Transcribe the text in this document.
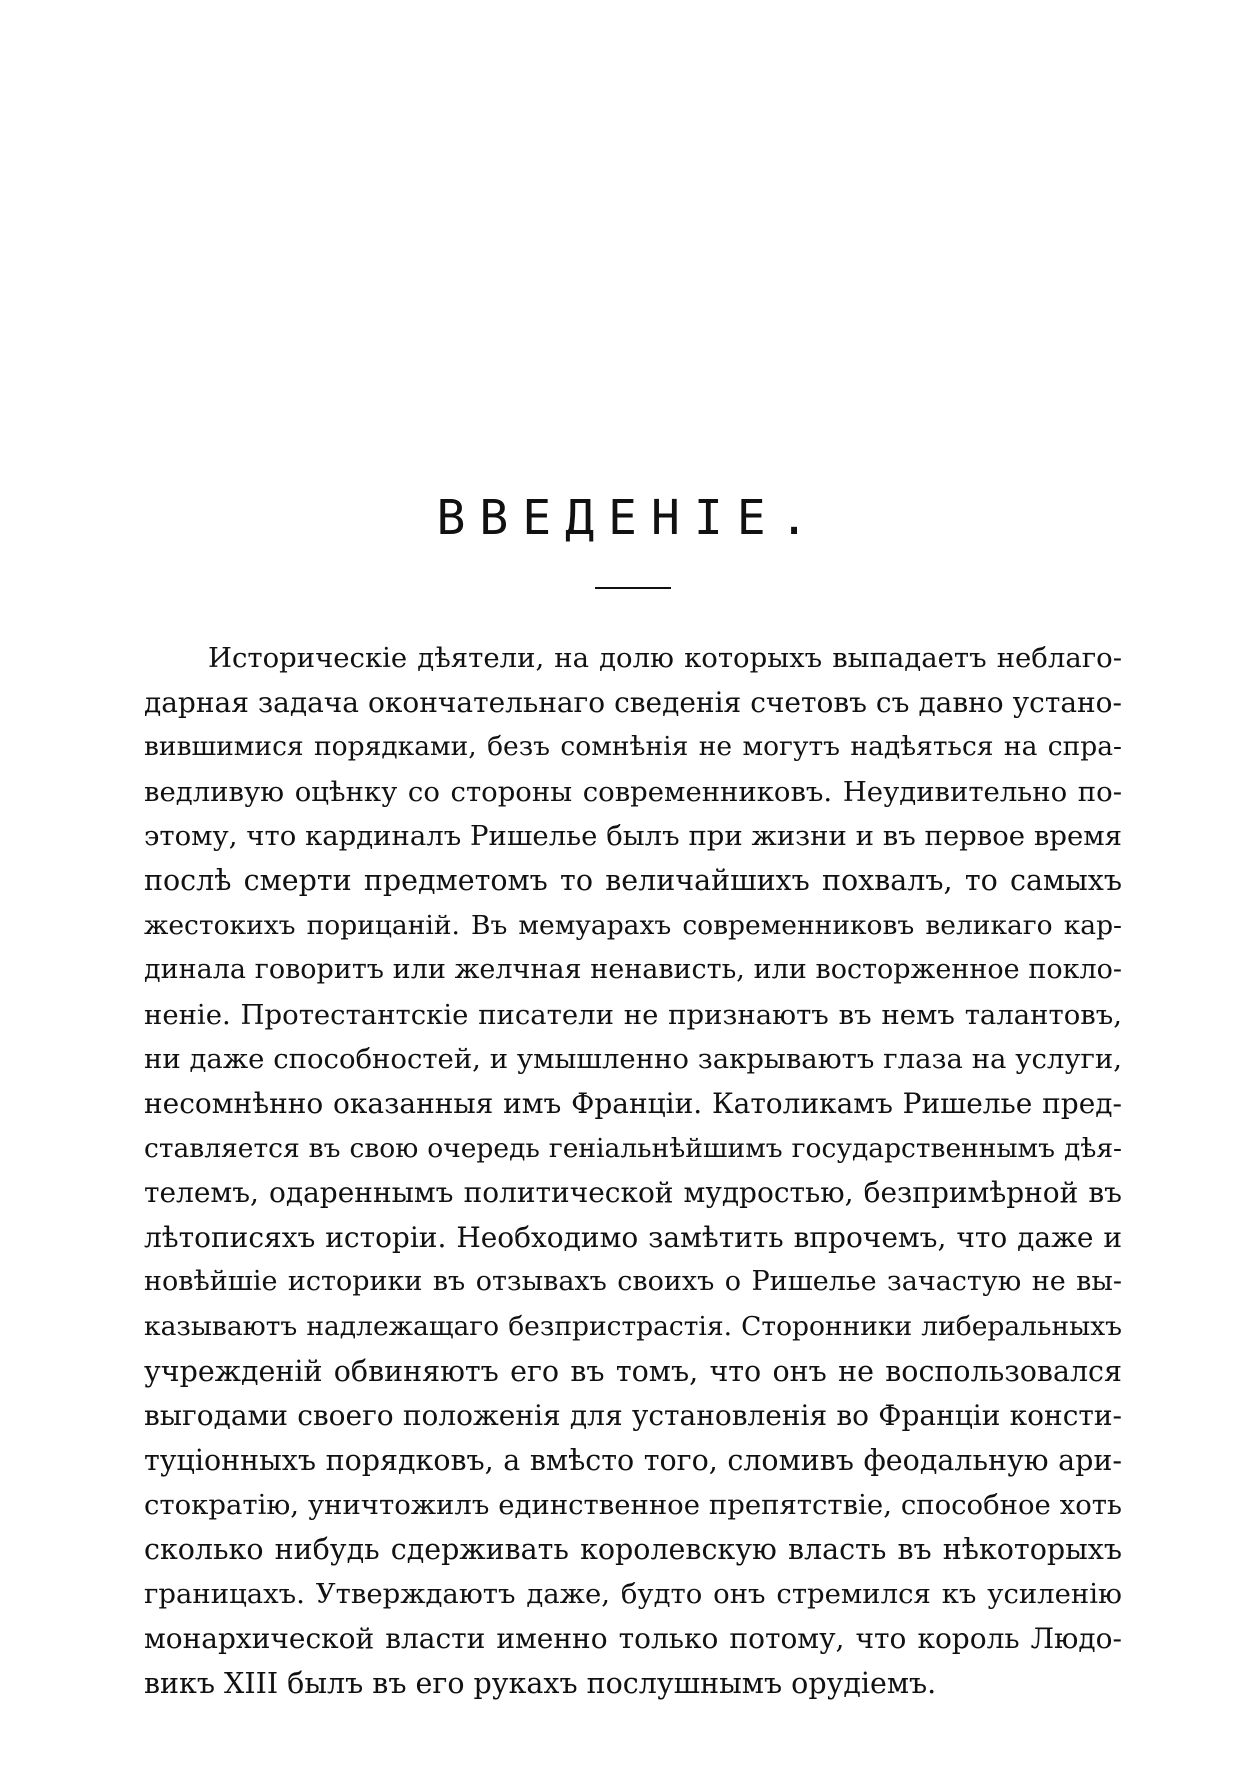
ВВЕДЕНІЕ.
Историческіе дѣятели, на долю которыхъ выпадаетъ неблаго-
дарная задача окончательнаго сведенія счетовъ съ давно устано-
вившимися порядками, безъ сомнѣнія не могутъ надѣяться на спра-
ведливую оцѣнку со стороны современниковъ. Неудивительно по-
этому, что кардиналъ Ришелье былъ при жизни и въ первое время
послѣ смерти предметомъ то величайшихъ похвалъ, то самыхъ
жестокихъ порицаній. Въ мемуарахъ современниковъ великаго кар-
динала говоритъ или желчная ненависть, или восторженное покло-
неніе. Протестантскіе писатели не признаютъ въ немъ талантовъ,
ни даже способностей, и умышленно закрываютъ глаза на услуги,
несомнѣнно оказанныя имъ Франціи. Католикамъ Ришелье пред-
ставляется въ свою очередь геніальнѣйшимъ государственнымъ дѣя-
телемъ, одареннымъ политической мудростью, безпримѣрной въ
лѣтописяхъ исторіи. Необходимо замѣтить впрочемъ, что даже и
новѣйшіе историки въ отзывахъ своихъ о Ришелье зачастую не вы-
казываютъ надлежащаго безпристрастія. Сторонники либеральныхъ
учрежденій обвиняютъ его въ томъ, что онъ не воспользовался
выгодами своего положенія для установленія во Франціи консти-
туціонныхъ порядковъ, а вмѣсто того, сломивъ феодальную ари-
стократію, уничтожилъ единственное препятствіе, способное хоть
сколько нибудь сдерживать королевскую власть въ нѣкоторыхъ
границахъ. Утверждаютъ даже, будто онъ стремился къ усиленію
монархической власти именно только потому, что король Людо-
викъ XIII былъ въ его рукахъ послушнымъ орудіемъ.
